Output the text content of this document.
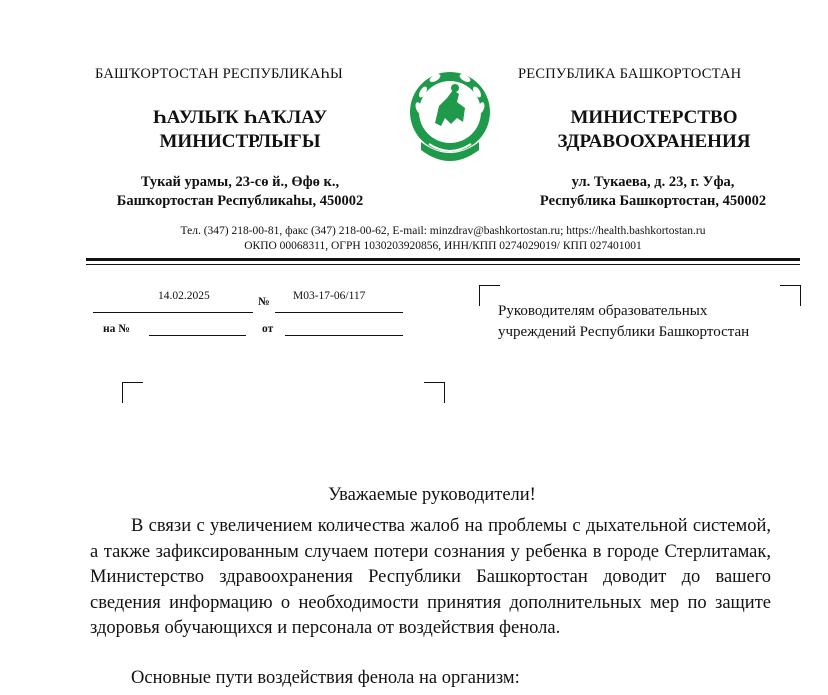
БАШҠОРТОСТАН РЕСПУБЛИКАҺЫ
ҺАУЛЫҠ ҺАҠЛАУ
МИНИСТРЛЫҒЫ
Тукай урамы, 23-сө й., Өфө к.,
Башҡортостан Республикаһы, 450002
РЕСПУБЛИКА БАШКОРТОСТАН
МИНИСТЕРСТВО
ЗДРАВООХРАНЕНИЯ
ул. Тукаева, д. 23, г. Уфа,
Республика Башкортостан, 450002
Тел. (347) 218-00-81, факс (347) 218-00-62, E-mail: minzdrav@bashkortostan.ru; https://health.bashkortostan.ru
ОКПО 00068311, ОГРН 1030203920856, ИНН/КПП 0274029019/ КПП 027401001
14.02.2025	№ М03-17-06/117
на №	от
Руководителям образовательных учреждений Республики Башкортостан
Уважаемые руководители!
В связи с увеличением количества жалоб на проблемы с дыхательной системой, а также зафиксированным случаем потери сознания у ребенка в городе Стерлитамак, Министерство здравоохранения Республики Башкортостан доводит до вашего сведения информацию о необходимости принятия дополнительных мер по защите здоровья обучающихся и персонала от воздействия фенола.
Основные пути воздействия фенола на организм:
